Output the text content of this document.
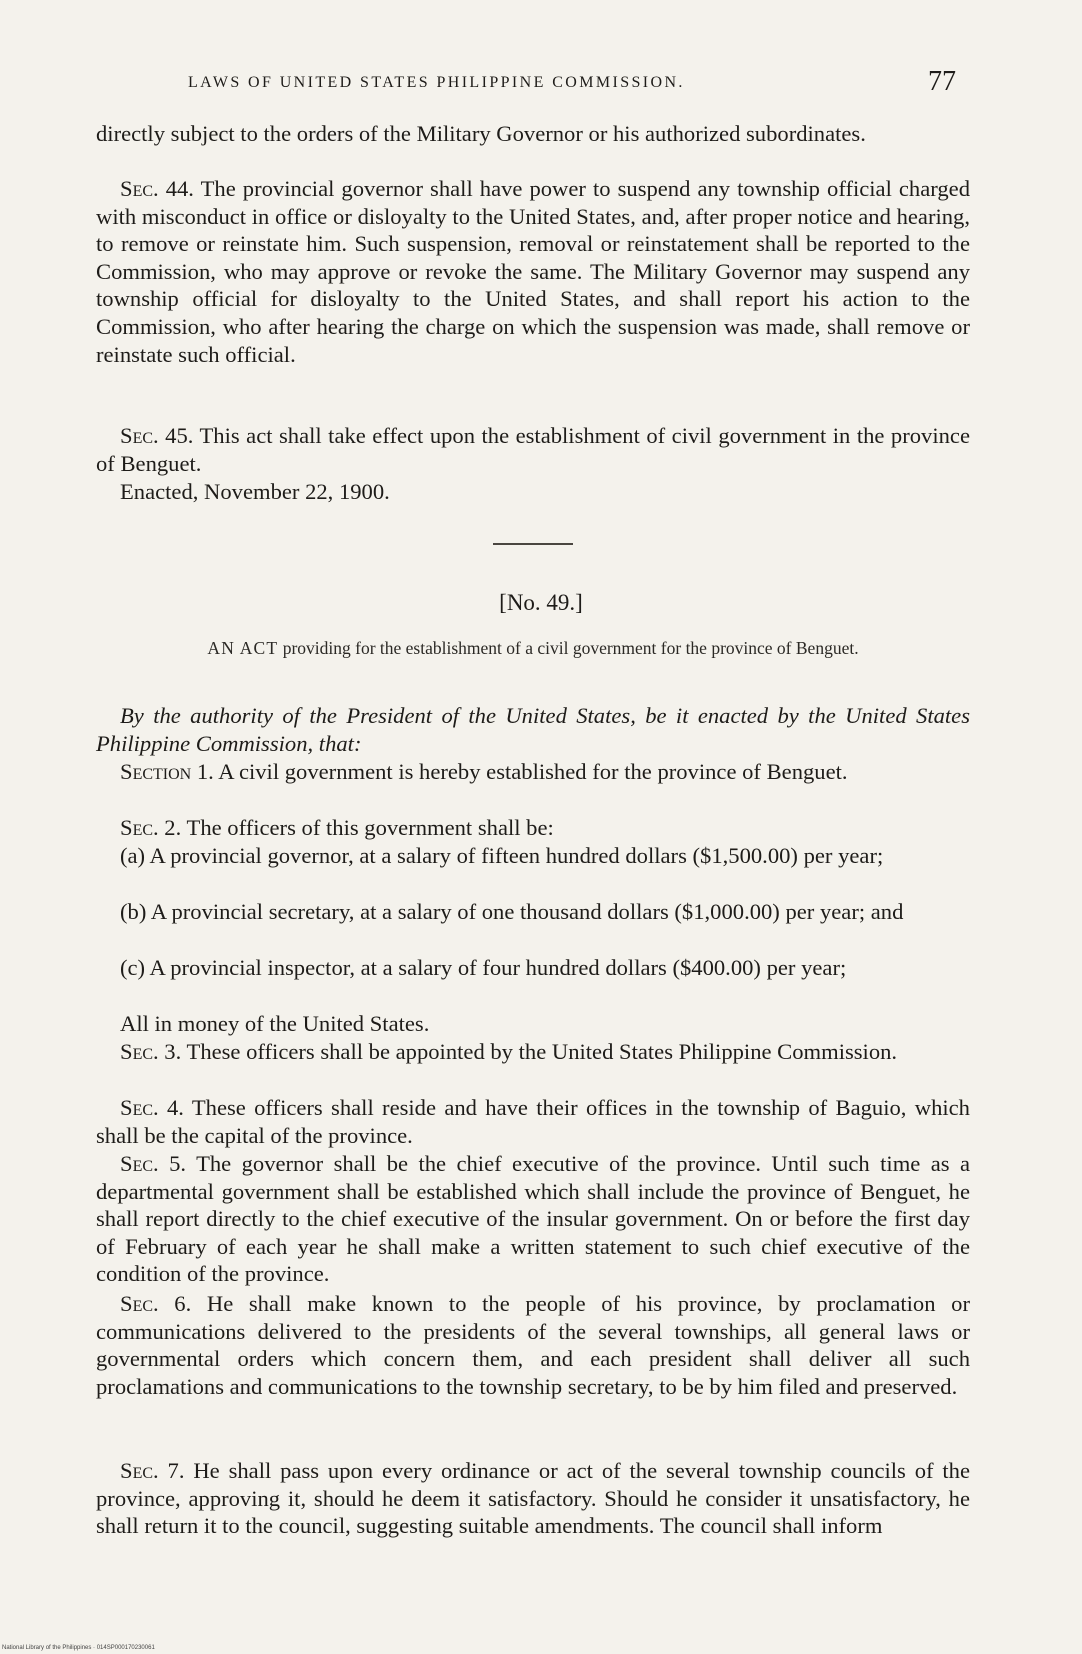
LAWS OF UNITED STATES PHILIPPINE COMMISSION.	77

directly subject to the orders of the Military Governor or his authorized subordinates.

Sec. 44. The provincial governor shall have power to suspend any township official charged with misconduct in office or disloyalty to the United States, and, after proper notice and hearing, to remove or reinstate him. Such suspension, removal or reinstatement shall be reported to the Commission, who may approve or revoke the same. The Military Governor may suspend any township official for disloyalty to the United States, and shall report his action to the Commission, who after hearing the charge on which the suspension was made, shall remove or reinstate such official.

Sec. 45. This act shall take effect upon the establishment of civil government in the province of Benguet.

Enacted, November 22, 1900.

[No. 49.]
AN ACT providing for the establishment of a civil government for the province of Benguet.

By the authority of the President of the United States, be it enacted by the United States Philippine Commission, that:

Section 1. A civil government is hereby established for the province of Benguet.

Sec. 2. The officers of this government shall be:

(a) A provincial governor, at a salary of fifteen hundred dollars ($1,500.00) per year;

(b) A provincial secretary, at a salary of one thousand dollars ($1,000.00) per year; and

(c) A provincial inspector, at a salary of four hundred dollars ($400.00) per year;

All in money of the United States.

Sec. 3. These officers shall be appointed by the United States Philippine Commission.

Sec. 4. These officers shall reside and have their offices in the township of Baguio, which shall be the capital of the province.

Sec. 5. The governor shall be the chief executive of the province. Until such time as a departmental government shall be established which shall include the province of Benguet, he shall report directly to the chief executive of the insular government. On or before the first day of February of each year he shall make a written statement to such chief executive of the condition of the province.

Sec. 6. He shall make known to the people of his province, by proclamation or communications delivered to the presidents of the several townships, all general laws or governmental orders which concern them, and each president shall deliver all such proclamations and communications to the township secretary, to be by him filed and preserved.

Sec. 7. He shall pass upon every ordinance or act of the several township councils of the province, approving it, should he deem it satisfactory. Should he consider it unsatisfactory, he shall return it to the council, suggesting suitable amendments. The council shall inform

National Library of the Philippines · 014SP000170230061
